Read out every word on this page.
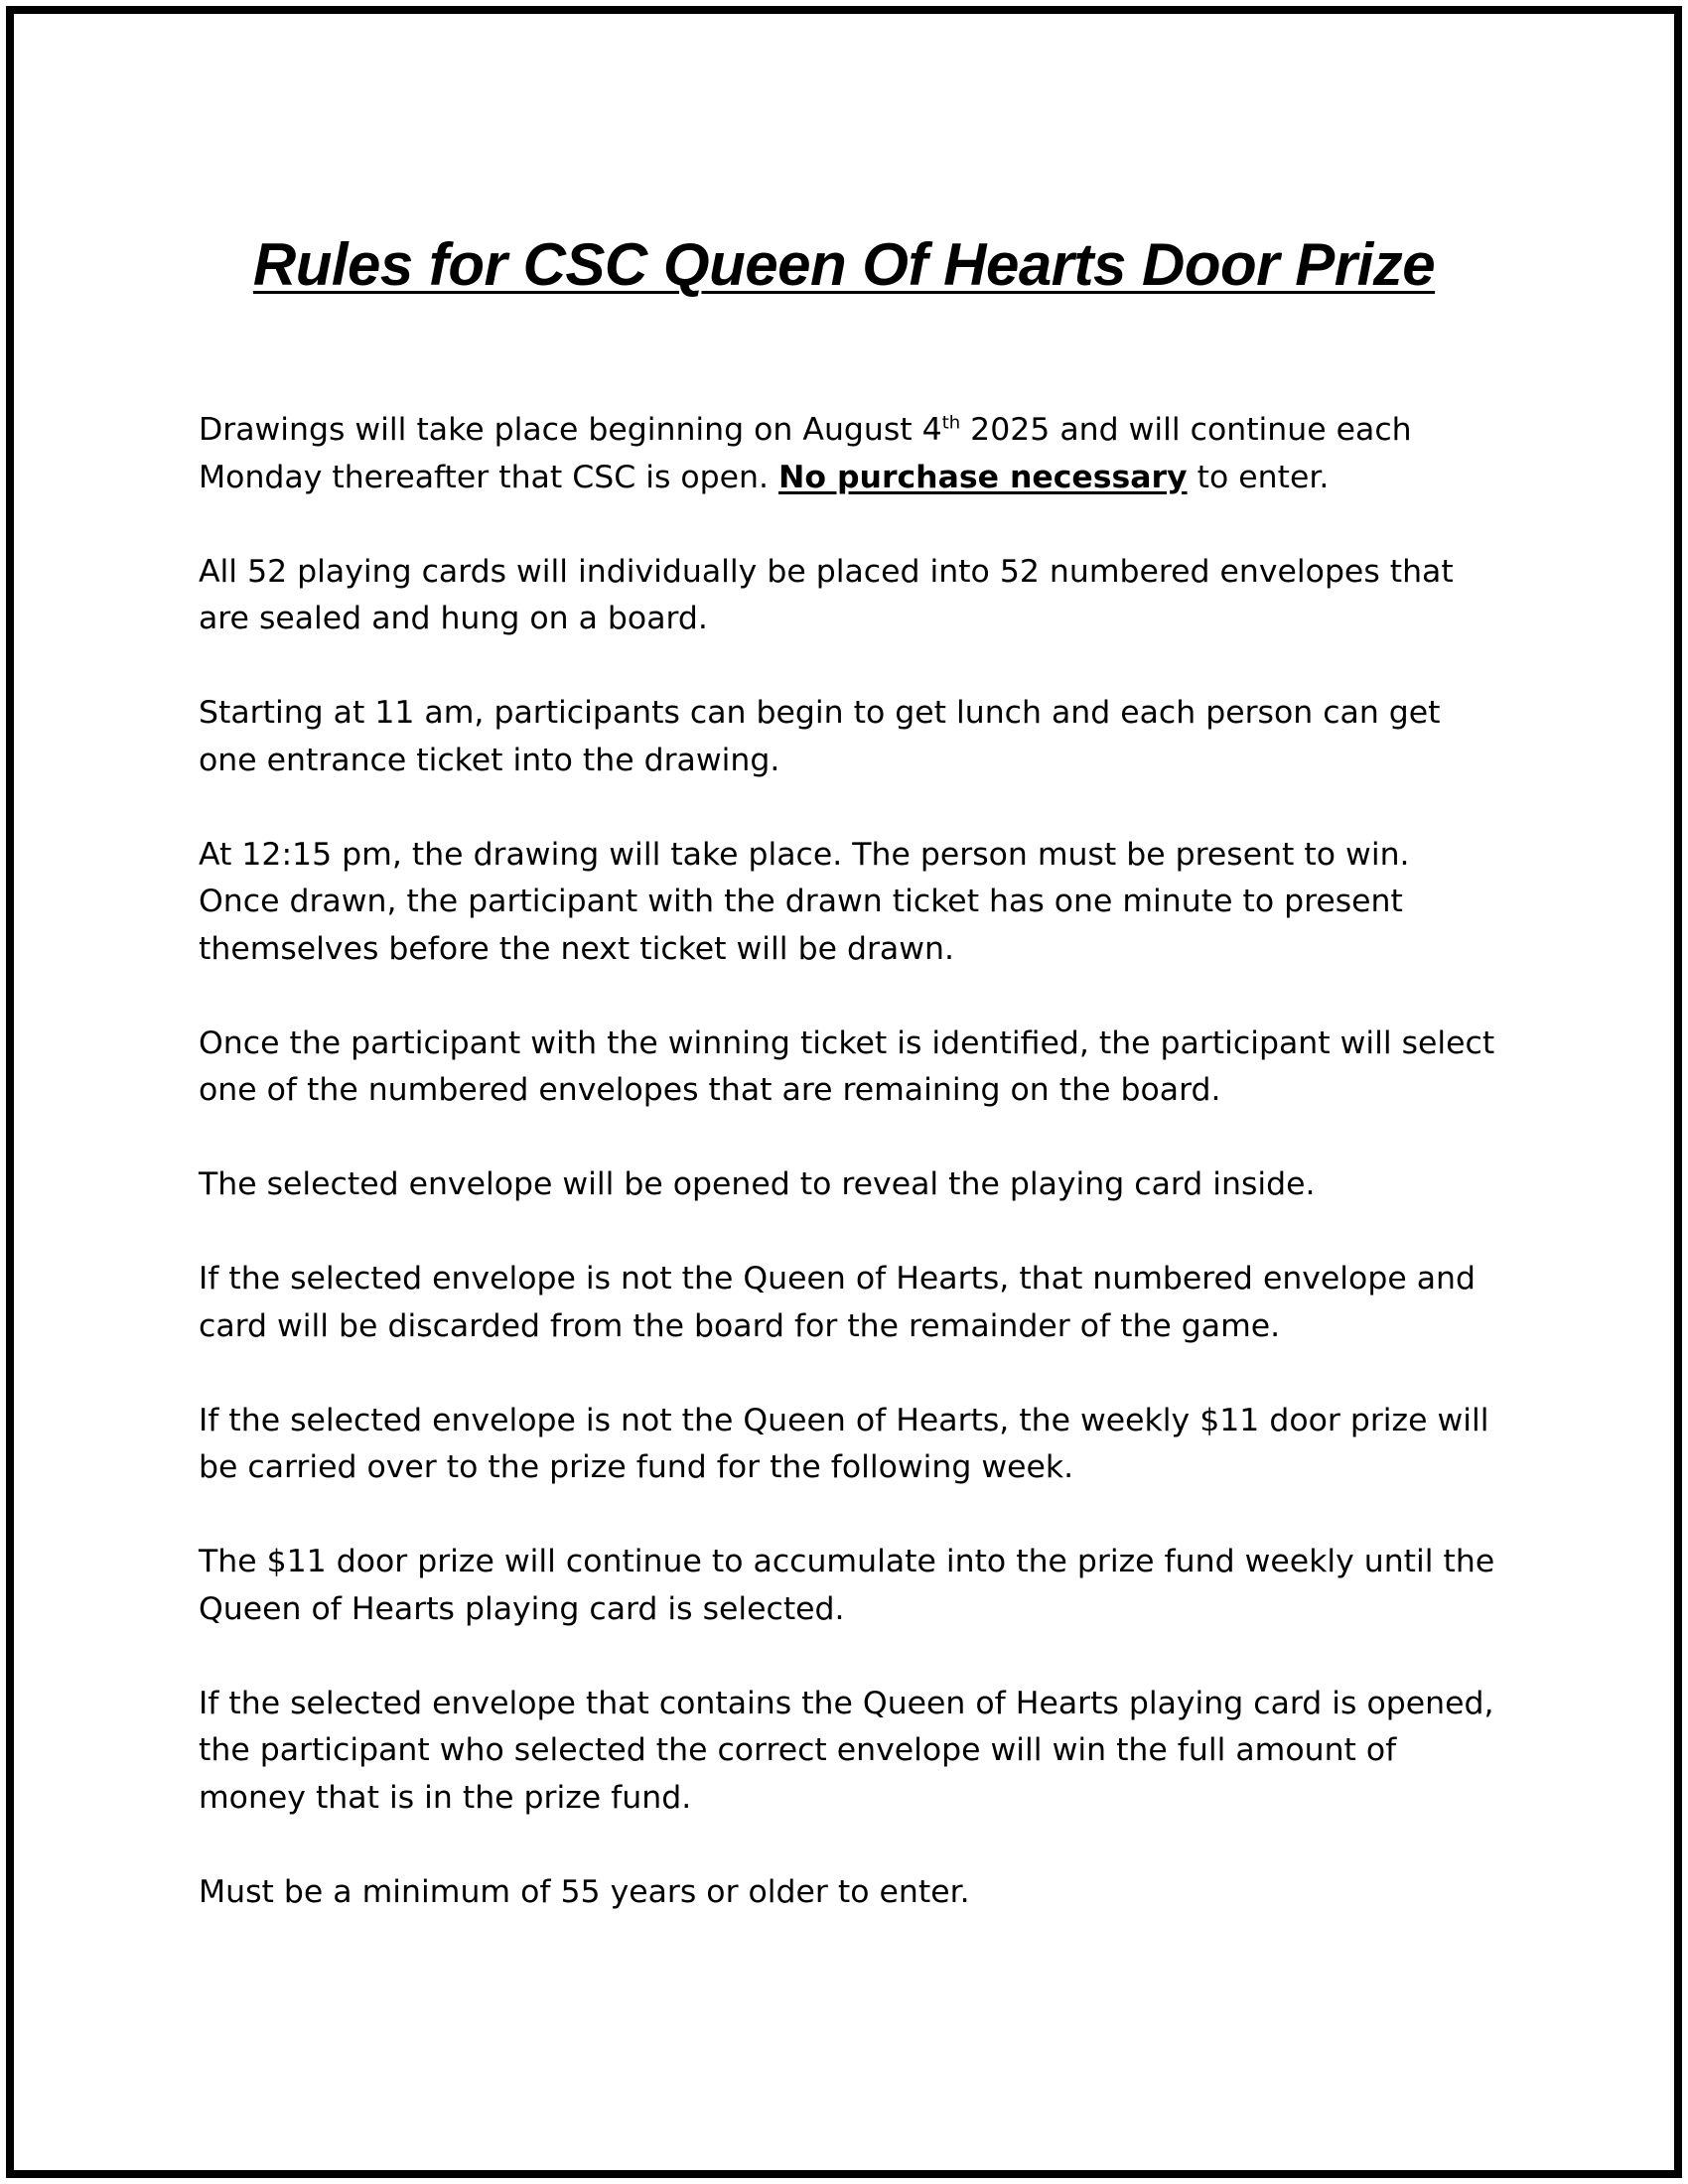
Rules for CSC Queen Of Hearts Door Prize

Drawings will take place beginning on August 4th 2025 and will continue each Monday thereafter that CSC is open. No purchase necessary to enter.

All 52 playing cards will individually be placed into 52 numbered envelopes that are sealed and hung on a board.

Starting at 11 am, participants can begin to get lunch and each person can get one entrance ticket into the drawing.

At 12:15 pm, the drawing will take place. The person must be present to win. Once drawn, the participant with the drawn ticket has one minute to present themselves before the next ticket will be drawn.

Once the participant with the winning ticket is identified, the participant will select one of the numbered envelopes that are remaining on the board.

The selected envelope will be opened to reveal the playing card inside.

If the selected envelope is not the Queen of Hearts, that numbered envelope and card will be discarded from the board for the remainder of the game.

If the selected envelope is not the Queen of Hearts, the weekly $11 door prize will be carried over to the prize fund for the following week.

The $11 door prize will continue to accumulate into the prize fund weekly until the Queen of Hearts playing card is selected.

If the selected envelope that contains the Queen of Hearts playing card is opened, the participant who selected the correct envelope will win the full amount of money that is in the prize fund.

Must be a minimum of 55 years or older to enter.
